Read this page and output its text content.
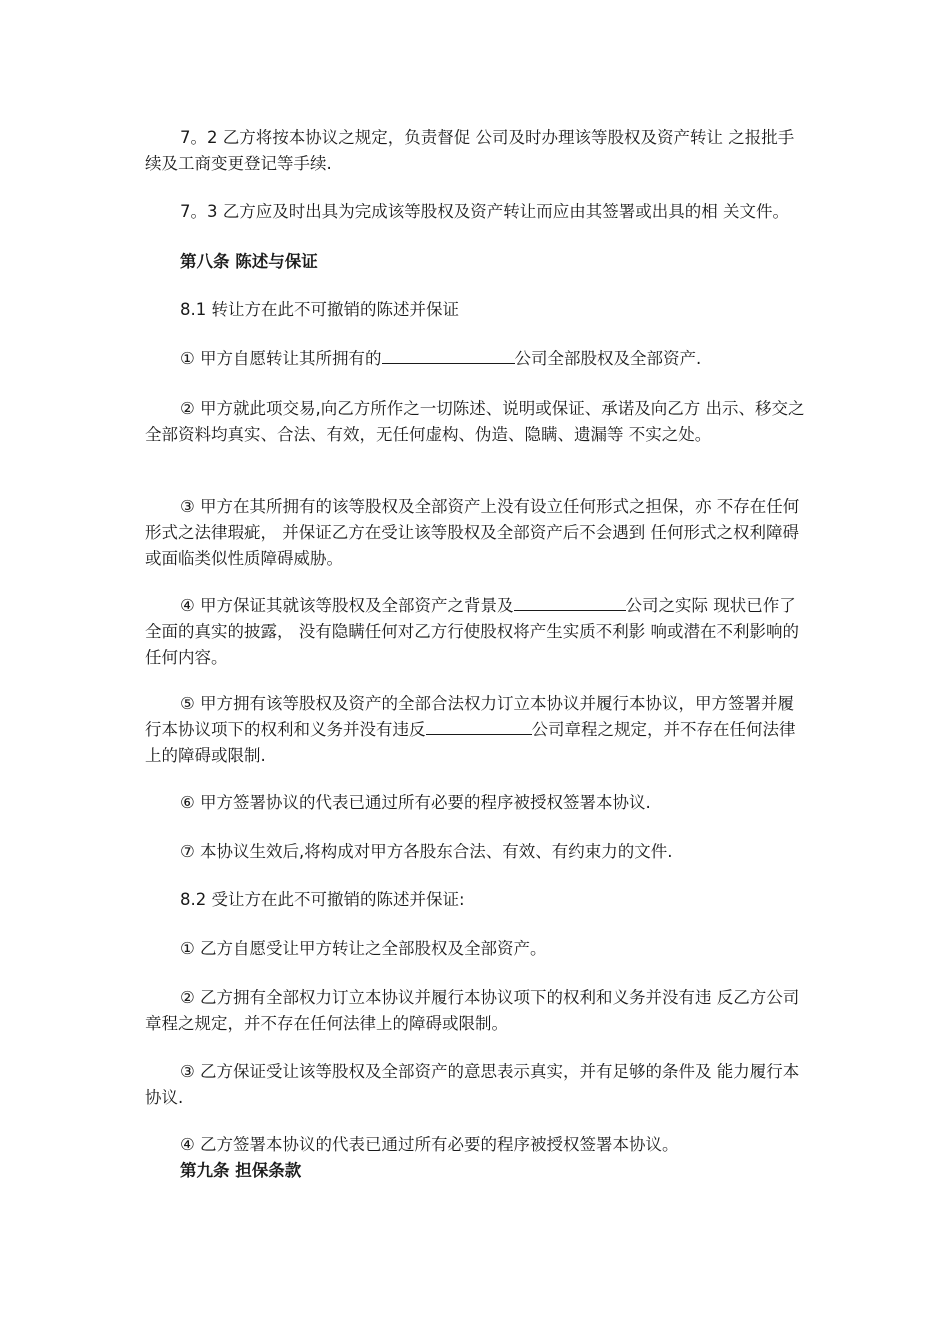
7。2 乙方将按本协议之规定，负责督促 公司及时办理该等股权及资产转让 之报批手续及工商变更登记等手续.

7。3 乙方应及时出具为完成该等股权及资产转让而应由其签署或出具的相 关文件。

第八条 陈述与保证

8.1 转让方在此不可撤销的陈述并保证

① 甲方自愿转让其所拥有的	公司全部股权及全部资产.

② 甲方就此项交易,向乙方所作之一切陈述、说明或保证、承诺及向乙方 出示、移交之全部资料均真实、合法、有效，无任何虚构、伪造、隐瞒、遗漏等 不实之处。

③ 甲方在其所拥有的该等股权及全部资产上没有设立任何形式之担保，亦 不存在任何形式之法律瑕疵， 并保证乙方在受让该等股权及全部资产后不会遇到 任何形式之权利障碍或面临类似性质障碍威胁。

④ 甲方保证其就该等股权及全部资产之背景及	公司之实际 现状已作了全面的真实的披露， 没有隐瞒任何对乙方行使股权将产生实质不利影 响或潜在不利影响的任何内容。

⑤ 甲方拥有该等股权及资产的全部合法权力订立本协议并履行本协议，甲方签署并履行本协议项下的权利和义务并没有违反	公司章程之规定，并不存在任何法律上的障碍或限制.

⑥ 甲方签署协议的代表已通过所有必要的程序被授权签署本协议.

⑦ 本协议生效后,将构成对甲方各股东合法、有效、有约束力的文件.

8.2 受让方在此不可撤销的陈述并保证:

① 乙方自愿受让甲方转让之全部股权及全部资产。

② 乙方拥有全部权力订立本协议并履行本协议项下的权利和义务并没有违 反乙方公司章程之规定，并不存在任何法律上的障碍或限制。

③ 乙方保证受让该等股权及全部资产的意思表示真实，并有足够的条件及 能力履行本协议.

④ 乙方签署本协议的代表已通过所有必要的程序被授权签署本协议。

第九条 担保条款
